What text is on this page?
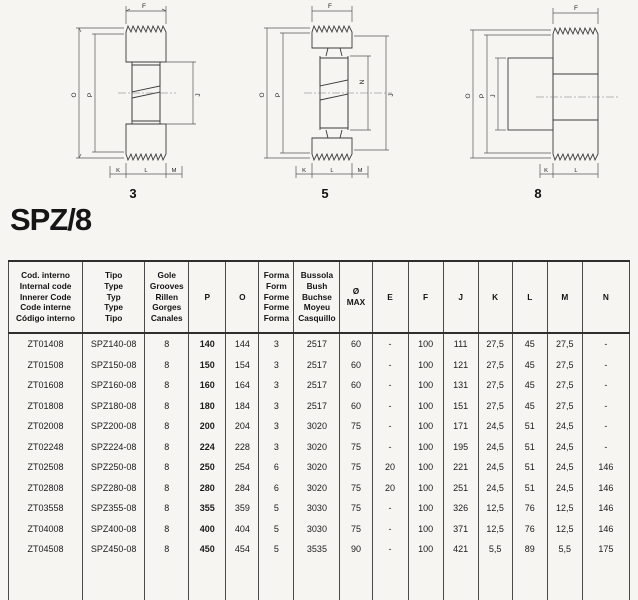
F
O P	J
K	L	M
3
F
O P
N
J
K	L	M
5
F
O P J
K	L
8
SPZ/8
Cod. interno
Internal code
Innerer Code
Code interne
Código interno

Tipo
Type
Typ
Type
Tipo

Gole
Grooves
Rillen
Gorges
Canales

P	O

Forma
Form
Forme
Forme
Forma

Bussola
Bush
Buchse
Moyeu
Casquillo

Ø
MAX

E	F	J	K	L	M	N

ZT01408	SPZ140-08	8	140	144	3	2517	60	-	100	111	27,5	45	27,5	-
ZT01508	SPZ150-08	8	150	154	3	2517	60	-	100	121	27,5	45	27,5	-
ZT01608	SPZ160-08	8	160	164	3	2517	60	-	100	131	27,5	45	27,5	-
ZT01808	SPZ180-08	8	180	184	3	2517	60	-	100	151	27,5	45	27,5	-
ZT02008	SPZ200-08	8	200	204	3	3020	75	-	100	171	24,5	51	24,5	-
ZT02248	SPZ224-08	8	224	228	3	3020	75	-	100	195	24,5	51	24,5	-
ZT02508	SPZ250-08	8	250	254	6	3020	75	20	100	221	24,5	51	24,5	146
ZT02808	SPZ280-08	8	280	284	6	3020	75	20	100	251	24,5	51	24,5	146
ZT03558	SPZ355-08	8	355	359	5	3030	75	-	100	326	12,5	76	12,5	146
ZT04008	SPZ400-08	8	400	404	5	3030	75	-	100	371	12,5	76	12,5	146
ZT04508	SPZ450-08	8	450	454	5	3535	90	-	100	421	5,5	89	5,5	175
